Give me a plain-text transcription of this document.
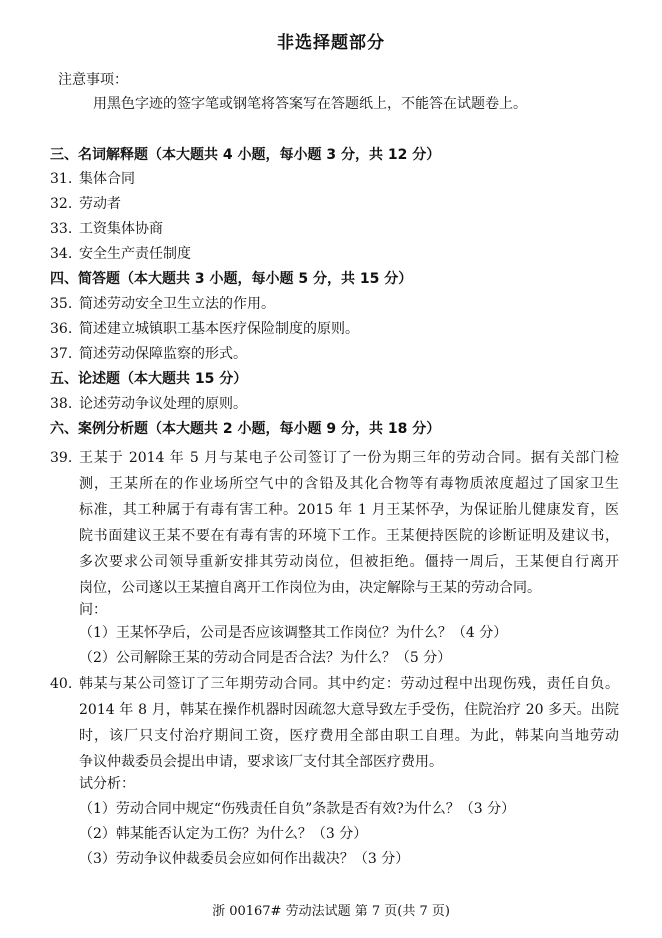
非选择题部分
注意事项：
用黑色字迹的签字笔或钢笔将答案写在答题纸上，不能答在试题卷上。
三、名词解释题（本大题共 4 小题，每小题 3 分，共 12 分）
31. 集体合同
32. 劳动者
33. 工资集体协商
34. 安全生产责任制度
四、简答题（本大题共 3 小题，每小题 5 分，共 15 分）
35. 简述劳动安全卫生立法的作用。
36. 简述建立城镇职工基本医疗保险制度的原则。
37. 简述劳动保障监察的形式。
五、论述题（本大题共 15 分）
38. 论述劳动争议处理的原则。
六、案例分析题（本大题共 2 小题，每小题 9 分，共 18 分）
39. 王某于 2014 年 5 月与某电子公司签订了一份为期三年的劳动合同。据有关部门检
测，王某所在的作业场所空气中的含铅及其化合物等有毒物质浓度超过了国家卫生
标准，其工种属于有毒有害工种。2015 年 1 月王某怀孕，为保证胎儿健康发育，医
院书面建议王某不要在有毒有害的环境下工作。王某便持医院的诊断证明及建议书，
多次要求公司领导重新安排其劳动岗位，但被拒绝。僵持一周后，王某便自行离开
岗位，公司遂以王某擅自离开工作岗位为由，决定解除与王某的劳动合同。
问：
（1）王某怀孕后，公司是否应该调整其工作岗位？为什么？（4 分）
（2）公司解除王某的劳动合同是否合法？为什么？（5 分）
40. 韩某与某公司签订了三年期劳动合同。其中约定：劳动过程中出现伤残，责任自负。
2014 年 8 月，韩某在操作机器时因疏忽大意导致左手受伤，住院治疗 20 多天。出院
时，该厂只支付治疗期间工资，医疗费用全部由职工自理。为此，韩某向当地劳动
争议仲裁委员会提出申请，要求该厂支付其全部医疗费用。
试分析：
（1）劳动合同中规定“伤残责任自负”条款是否有效?为什么？（3 分）
（2）韩某能否认定为工伤？为什么？（3 分）
（3）劳动争议仲裁委员会应如何作出裁决？（3 分）
浙 00167# 劳动法试题 第 7 页(共 7 页)
